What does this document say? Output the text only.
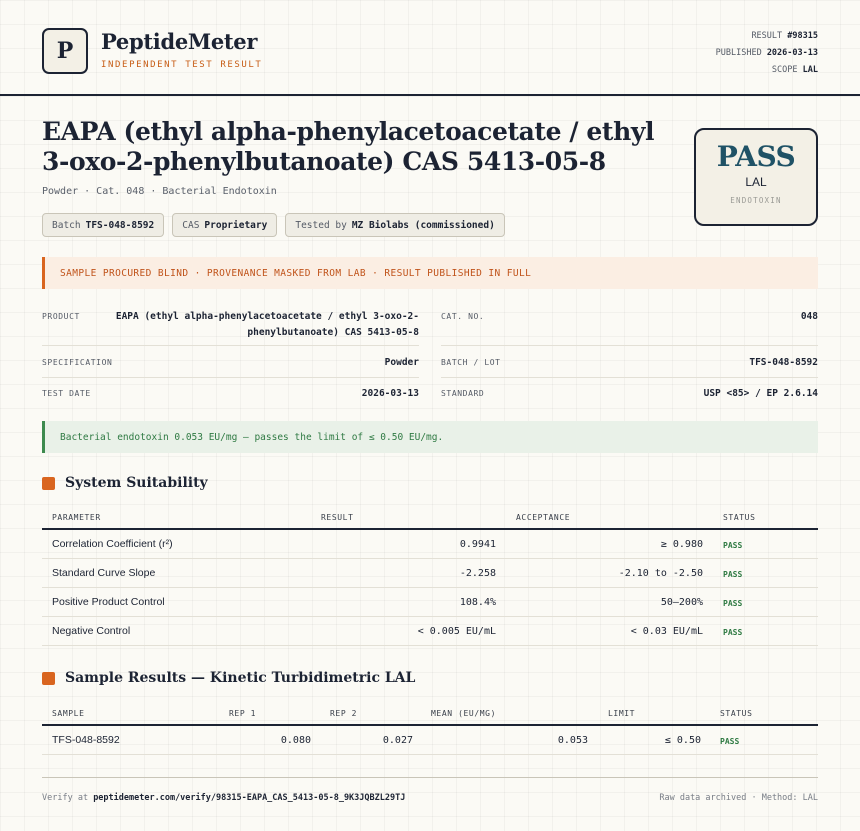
P	PeptideMeter
INDEPENDENT TEST RESULT
RESULT #98315
PUBLISHED 2026-03-13
SCOPE LAL
EAPA (ethyl alpha-phenylacetoacetate / ethyl 3-oxo-2-phenylbutanoate) CAS 5413-05-8
Powder · Cat. 048 · Bacterial Endotoxin
Batch TFS-048-8592	CAS Proprietary	Tested by MZ Biolabs (commissioned)
PASS
LAL
ENDOTOXIN
SAMPLE PROCURED BLIND · PROVENANCE MASKED FROM LAB · RESULT PUBLISHED IN FULL
PRODUCT	EAPA (ethyl alpha-phenylacetoacetate / ethyl 3-oxo-2-phenylbutanoate) CAS 5413-05-8
CAT. NO.	048
SPECIFICATION	Powder	BATCH / LOT	TFS-048-8592
TEST DATE	2026-03-13	STANDARD	USP <85> / EP 2.6.14
Bacterial endotoxin 0.053 EU/mg — passes the limit of ≤ 0.50 EU/mg.
System Suitability
PARAMETER	RESULT	ACCEPTANCE	STATUS
Correlation Coefficient (r²)	0.9941	≥ 0.980	PASS
Standard Curve Slope	-2.258	-2.10 to -2.50	PASS
Positive Product Control	108.4%	50–200%	PASS
Negative Control	< 0.005 EU/mL	< 0.03 EU/mL	PASS
Sample Results — Kinetic Turbidimetric LAL
SAMPLE	REP 1	REP 2	MEAN (EU/MG)	LIMIT	STATUS
TFS-048-8592	0.080	0.027	0.053	≤ 0.50 PASS
Verify at peptidemeter.com/verify/98315-EAPA_CAS_5413-05-8_9K3JQBZL29TJ	Raw data archived · Method: LAL
